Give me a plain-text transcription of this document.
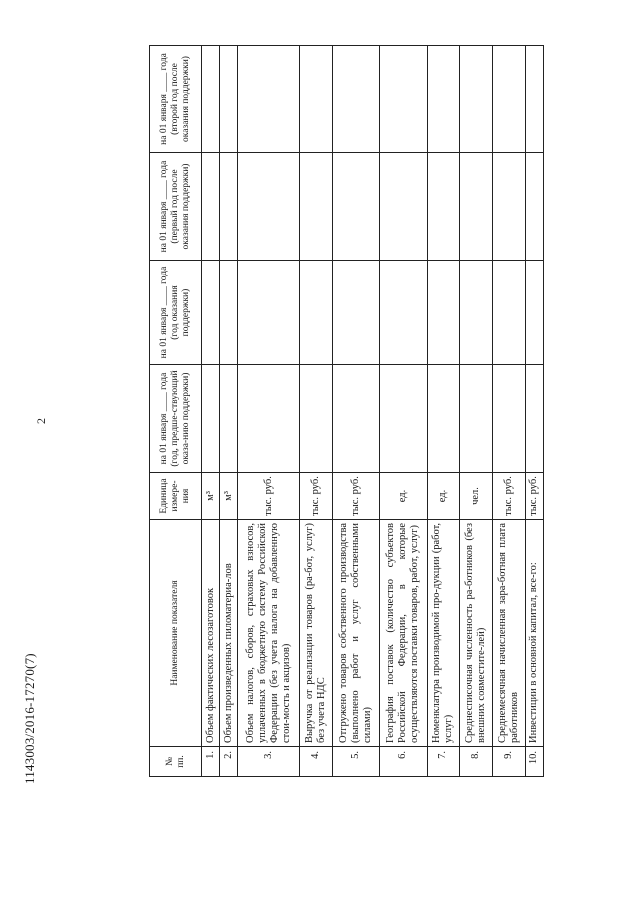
2
№ пп.	Наименование показателя	Единица измере-ния	на 01 января ____ года (год, предше-ствующий оказа-нию поддержки)	на 01 января ____ года (год оказания поддержки)	на 01 января ____ года (первый год после оказания поддержки)	на 01 января ____ года (второй год после оказания поддержки)
1.	Объем фактических лесозаготовок	м³				
2.	Объем произведенных пиломатериа-лов	м³				
3.	Объем налогов, сборов, страховых взносов, уплаченных в бюджетную систему Российской Федерации (без учета налога на добавленную стои-мость и акцизов)	тыс. руб.				
4.	Выручка от реализации товаров (ра-бот, услуг) без учета НДС	тыс. руб.				
5.	Отгружено товаров собственного производства (выполнено работ и услуг собственными силами)	тыс. руб.				
6.	География поставок (количество субъектов Российской Федерации, в которые осуществляются поставки товаров, работ, услуг)	ед.				
7.	Номенклатура производимой про-дукции (работ, услуг)	ед.				
8.	Среднесписочная численность ра-ботников (без внешних совместите-лей)	чел.				
9.	Среднемесячная начисленная зара-ботная плата работников	тыс. руб.				
10.	Инвестиции в основной капитал, все-го:	тыс. руб.				
1143003/2016-17270(7)
